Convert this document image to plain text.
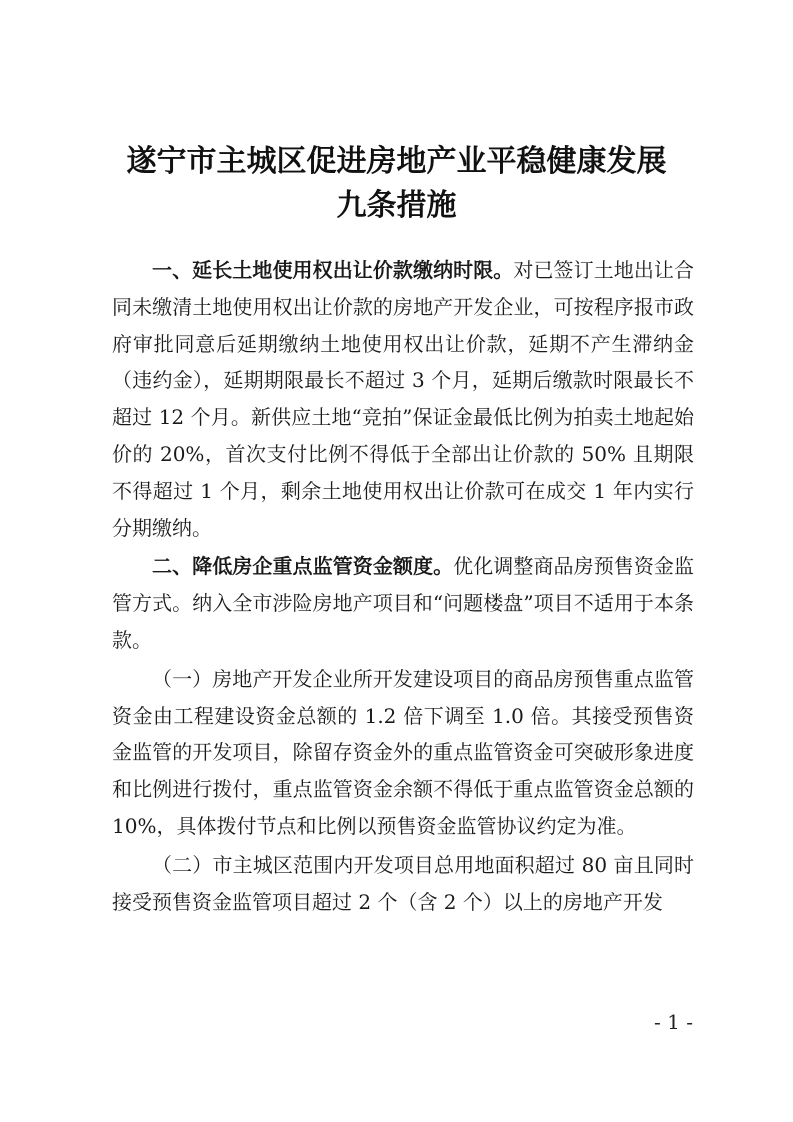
遂宁市主城区促进房地产业平稳健康发展
九条措施

一、延长土地使用权出让价款缴纳时限。对已签订土地出让合同未缴清土地使用权出让价款的房地产开发企业，可按程序报市政府审批同意后延期缴纳土地使用权出让价款，延期不产生滞纳金（违约金），延期期限最长不超过 3 个月，延期后缴款时限最长不超过 12 个月。新供应土地“竞拍”保证金最低比例为拍卖土地起始价的 20%，首次支付比例不得低于全部出让价款的 50% 且期限不得超过 1 个月，剩余土地使用权出让价款可在成交 1 年内实行分期缴纳。

二、降低房企重点监管资金额度。优化调整商品房预售资金监管方式。纳入全市涉险房地产项目和“问题楼盘”项目不适用于本条款。

（一）房地产开发企业所开发建设项目的商品房预售重点监管资金由工程建设资金总额的 1.2 倍下调至 1.0 倍。其接受预售资金监管的开发项目，除留存资金外的重点监管资金可突破形象进度和比例进行拨付，重点监管资金余额不得低于重点监管资金总额的 10%，具体拨付节点和比例以预售资金监管协议约定为准。

（二）市主城区范围内开发项目总用地面积超过 80 亩且同时接受预售资金监管项目超过 2 个（含 2 个）以上的房地产开发

- 1 -
